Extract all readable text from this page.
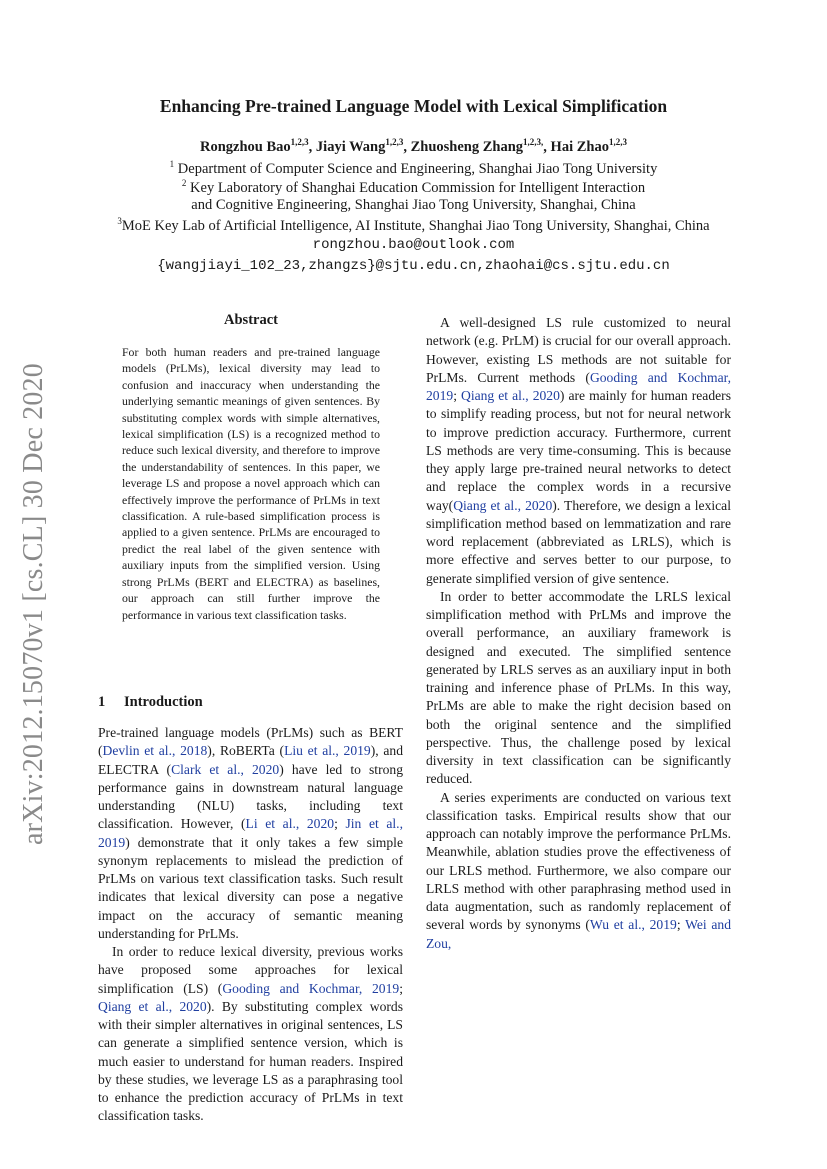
arXiv:2012.15070v1 [cs.CL] 30 Dec 2020
Enhancing Pre-trained Language Model with Lexical Simplification
Rongzhou Bao$^{1,2,3}$, Jiayi Wang$^{1,2,3}$, Zhuosheng Zhang$^{1,2,3,}$, Hai Zhao$^{1,2,3}$
$^1$ Department of Computer Science and Engineering, Shanghai Jiao Tong University
$^2$ Key Laboratory of Shanghai Education Commission for Intelligent Interaction
and Cognitive Engineering, Shanghai Jiao Tong University, Shanghai, China
$^3$MoE Key Lab of Artificial Intelligence, AI Institute, Shanghai Jiao Tong University, Shanghai, China
rongzhou.bao@outlook.com
{wangjiayi_102_23,zhangzs}@sjtu.edu.cn,zhaohai@cs.sjtu.edu.cn
Abstract
For both human readers and pre-trained language models (PrLMs), lexical diversity may lead to confusion and inaccuracy when understanding the underlying semantic meanings of given sentences. By substituting complex words with simple alternatives, lexical simplification (LS) is a recognized method to reduce such lexical diversity, and therefore to improve the understandability of sentences. In this paper, we leverage LS and propose a novel approach which can effectively improve the performance of PrLMs in text classification. A rule-based simplification process is applied to a given sentence. PrLMs are encouraged to predict the real label of the given sentence with auxiliary inputs from the simplified version. Using strong PrLMs (BERT and ELECTRA) as baselines, our approach can still further improve the performance in various text classification tasks.
1 Introduction

Pre-trained language models (PrLMs) such as BERT (Devlin et al., 2018), RoBERTa (Liu et al., 2019), and ELECTRA (Clark et al., 2020) have led to strong performance gains in downstream natural language understanding (NLU) tasks, including text classification. However, (Li et al., 2020; Jin et al., 2019) demonstrate that it only takes a few simple synonym replacements to mislead the prediction of PrLMs on various text classification tasks. Such result indicates that lexical diversity can pose a negative impact on the accuracy of semantic meaning understanding for PrLMs.

In order to reduce lexical diversity, previous works have proposed some approaches for lexical simplification (LS) (Gooding and Kochmar, 2019; Qiang et al., 2020). By substituting complex words with their simpler alternatives in original sentences, LS can generate a simplified sentence version, which is much easier to understand for human readers. Inspired by these studies, we leverage LS as a paraphrasing tool to enhance the prediction accuracy of PrLMs in text classification tasks.

A well-designed LS rule customized to neural network (e.g. PrLM) is crucial for our overall approach. However, existing LS methods are not suitable for PrLMs. Current methods (Gooding and Kochmar, 2019; Qiang et al., 2020) are mainly for human readers to simplify reading process, but not for neural network to improve prediction accuracy. Furthermore, current LS methods are very time-consuming. This is because they apply large pre-trained neural networks to detect and replace the complex words in a recursive way(Qiang et al., 2020). Therefore, we design a lexical simplification method based on lemmatization and rare word replacement (abbreviated as LRLS), which is more effective and serves better to our purpose, to generate simplified version of give sentence.

In order to better accommodate the LRLS lexical simplification method with PrLMs and improve the overall performance, an auxiliary framework is designed and executed. The simplified sentence generated by LRLS serves as an auxiliary input in both training and inference phase of PrLMs. In this way, PrLMs are able to make the right decision based on both the original sentence and the simplified perspective. Thus, the challenge posed by lexical diversity in text classification can be significantly reduced.

A series experiments are conducted on various text classification tasks. Empirical results show that our approach can notably improve the performance PrLMs. Meanwhile, ablation studies prove the effectiveness of our LRLS method. Furthermore, we also compare our LRLS method with other paraphrasing method used in data augmentation, such as randomly replacement of several words by synonyms (Wu et al., 2019; Wei and Zou,
